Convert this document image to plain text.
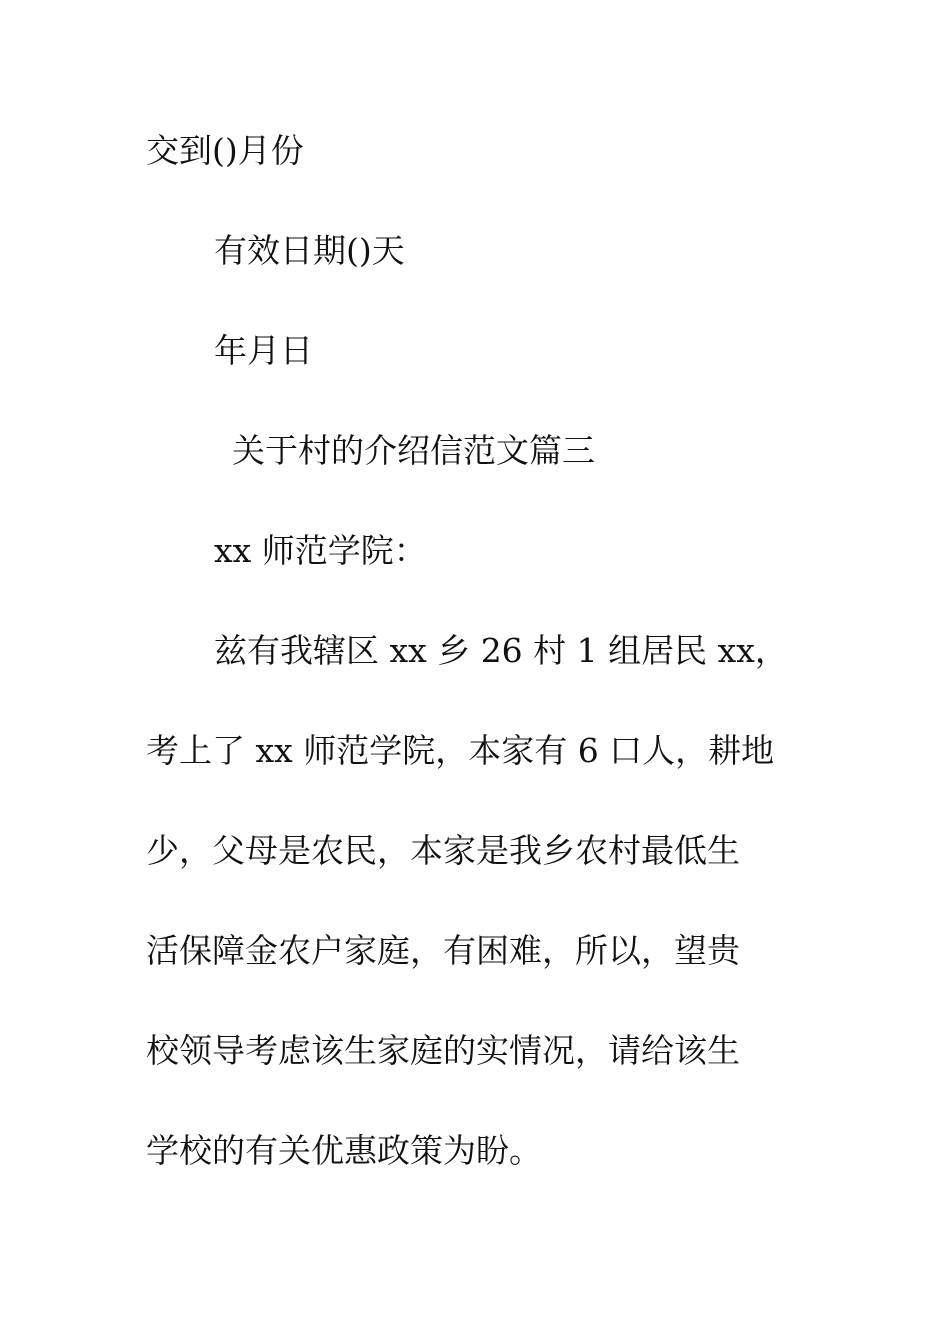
交到()月份
有效日期()天
年月日
关于村的介绍信范文篇三
xx 师范学院：
兹有我辖区 xx 乡 26 村 1 组居民 xx，
考上了 xx 师范学院，本家有 6 口人，耕地
少，父母是农民，本家是我乡农村最低生
活保障金农户家庭，有困难，所以，望贵
校领导考虑该生家庭的实情况，请给该生
学校的有关优惠政策为盼。
